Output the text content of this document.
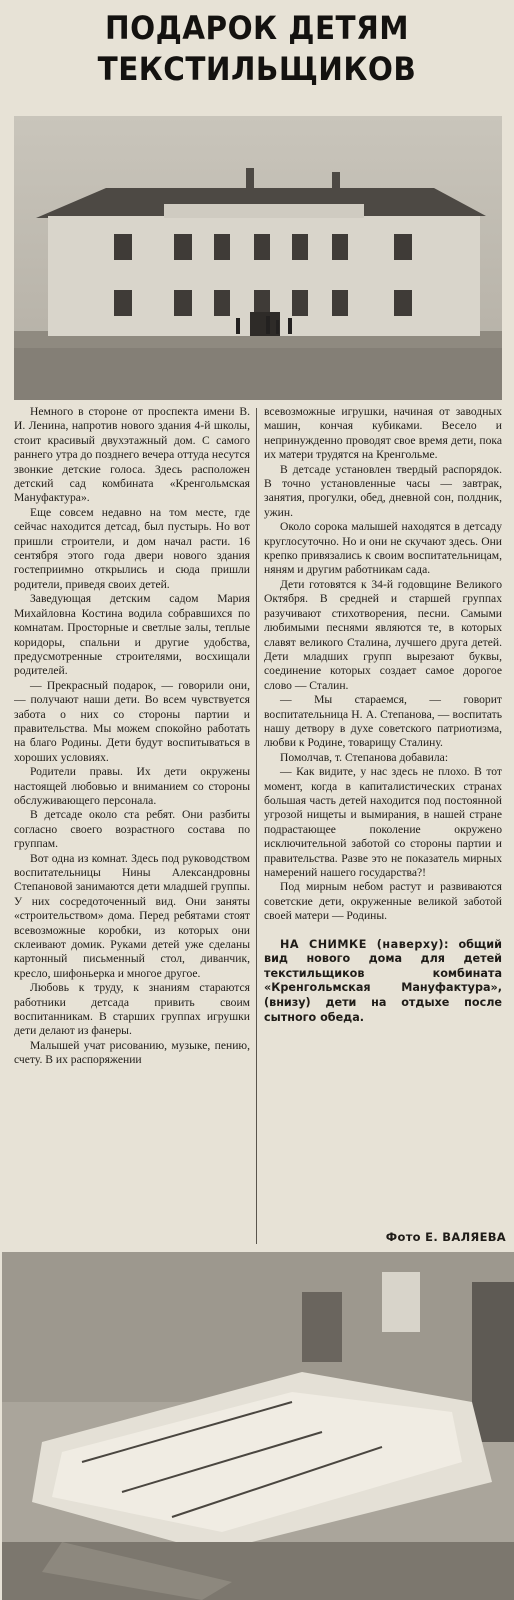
ПОДАРОК ДЕТЯМ
ТЕКСТИЛЬЩИКОВ

Немного в стороне от проспекта имени В. И. Ленина, напротив нового здания 4-й школы, стоит красивый двухэтажный дом. С самого раннего утра до позднего вечера оттуда несутся звонкие детские голоса. Здесь расположен детский сад комбината «Кренгольмская Мануфактура».

Еще совсем недавно на том месте, где сейчас находится детсад, был пустырь. Но вот пришли строители, и дом начал расти. 16 сентября этого года двери нового здания гостеприимно открылись и сюда пришли родители, приведя своих детей.

Заведующая детским садом Мария Михайловна Костина водила собравшихся по комнатам. Просторные и светлые залы, теплые коридоры, спальни и другие удобства, предусмотренные строителями, восхищали родителей.

— Прекрасный подарок, — говорили они, — получают наши дети. Во всем чувствуется забота о них со стороны партии и правительства. Мы можем спокойно работать на благо Родины. Дети будут воспитываться в хороших условиях.

Родители правы. Их дети окружены настоящей любовью и вниманием со стороны обслуживающего персонала.

В детсаде около ста ребят. Они разбиты согласно своего возрастного состава по группам.

Вот одна из комнат. Здесь под руководством воспитательницы Нины Александровны Степановой занимаются дети младшей группы. У них сосредоточенный вид. Они заняты «строительством» дома. Перед ребятами стоят всевозможные коробки, из которых они склеивают домик. Руками детей уже сделаны картонный письменный стол, диванчик, кресло, шифоньерка и многое другое.

Любовь к труду, к знаниям стараются работники детсада привить своим воспитанникам. В старших группах игрушки дети делают из фанеры.

Малышей учат рисованию, музыке, пению, счету. В их распоряжении

всевозможные игрушки, начиная от заводных машин, кончая кубиками. Весело и непринужденно проводят свое время дети, пока их матери трудятся на Кренгольме.

В детсаде установлен твердый распорядок. В точно установленные часы — завтрак, занятия, прогулки, обед, дневной сон, полдник, ужин.

Около сорока малышей находятся в детсаду круглосуточно. Но и они не скучают здесь. Они крепко привязались к своим воспитательницам, няням и другим работникам сада.

Дети готовятся к 34-й годовщине Великого Октября. В средней и старшей группах разучивают стихотворения, песни. Самыми любимыми песнями являются те, в которых славят великого Сталина, лучшего друга детей. Дети младших групп вырезают буквы, соединение которых создает самое дорогое слово — Сталин.

— Мы стараемся, — говорит воспитательница Н. А. Степанова, — воспитать нашу детвору в духе советского патриотизма, любви к Родине, товарищу Сталину.

Помолчав, т. Степанова добавила:

— Как видите, у нас здесь не плохо. В тот момент, когда в капиталистических странах большая часть детей находится под постоянной угрозой нищеты и вымирания, в нашей стране подрастающее поколение окружено исключительной заботой со стороны партии и правительства. Разве это не показатель мирных намерений нашего государства?!

Под мирным небом растут и развиваются советские дети, окруженные великой заботой своей матери — Родины.

НА СНИМКЕ (наверху): общий вид нового дома для детей текстильщиков комбината «Кренгольмская Мануфактура», (внизу) дети на отдыхе после сытного обеда.

Фото Е. ВАЛЯЕВА
